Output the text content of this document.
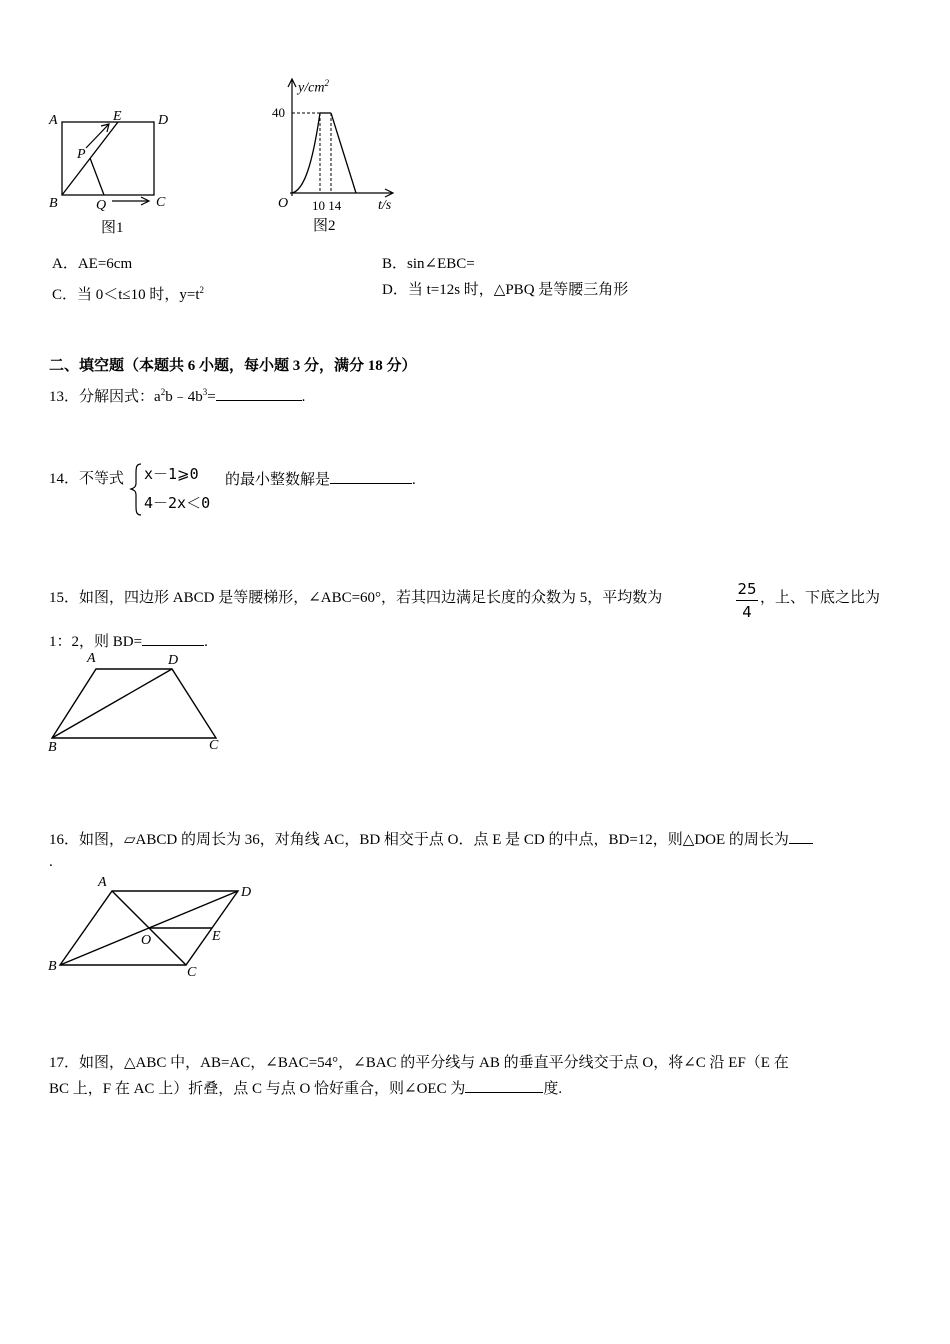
A	E	D
P
B	Q	C
图1
$y/cm^2$
40
O 10 14	t/s
图2
A．AE=6cm	B．sin∠EBC=
C．当 0＜t≤10 时，$y=t^2$	D．当 t=12s 时，△PBQ 是等腰三角形
二、填空题（本题共 6 小题，每小题 3 分，满分 18 分）
13．分解因式：$a^2b﹣4b^3=$	.
14．不等式 x－1⩾0
4－2x＜0
的最小整数解是	.
15．如图，四边形 ABCD 是等腰梯形，∠ABC=60°，若其四边满足长度的众数为 5，平均数为	25
4
，上、下底之比为
1：2，则 BD=	.
A	D
B	C
16．如图，▱ABCD 的周长为 36，对角线 AC，BD 相交于点 O．点 E 是 CD 的中点，BD=12，则△DOE 的周长为
.
A
D
O	E
B	C
17．如图，△ABC 中，AB=AC，∠BAC=54°，∠BAC 的平分线与 AB 的垂直平分线交于点 O，将∠C 沿 EF（E 在
BC 上，F 在 AC 上）折叠，点 C 与点 O 恰好重合，则∠OEC 为	度.
